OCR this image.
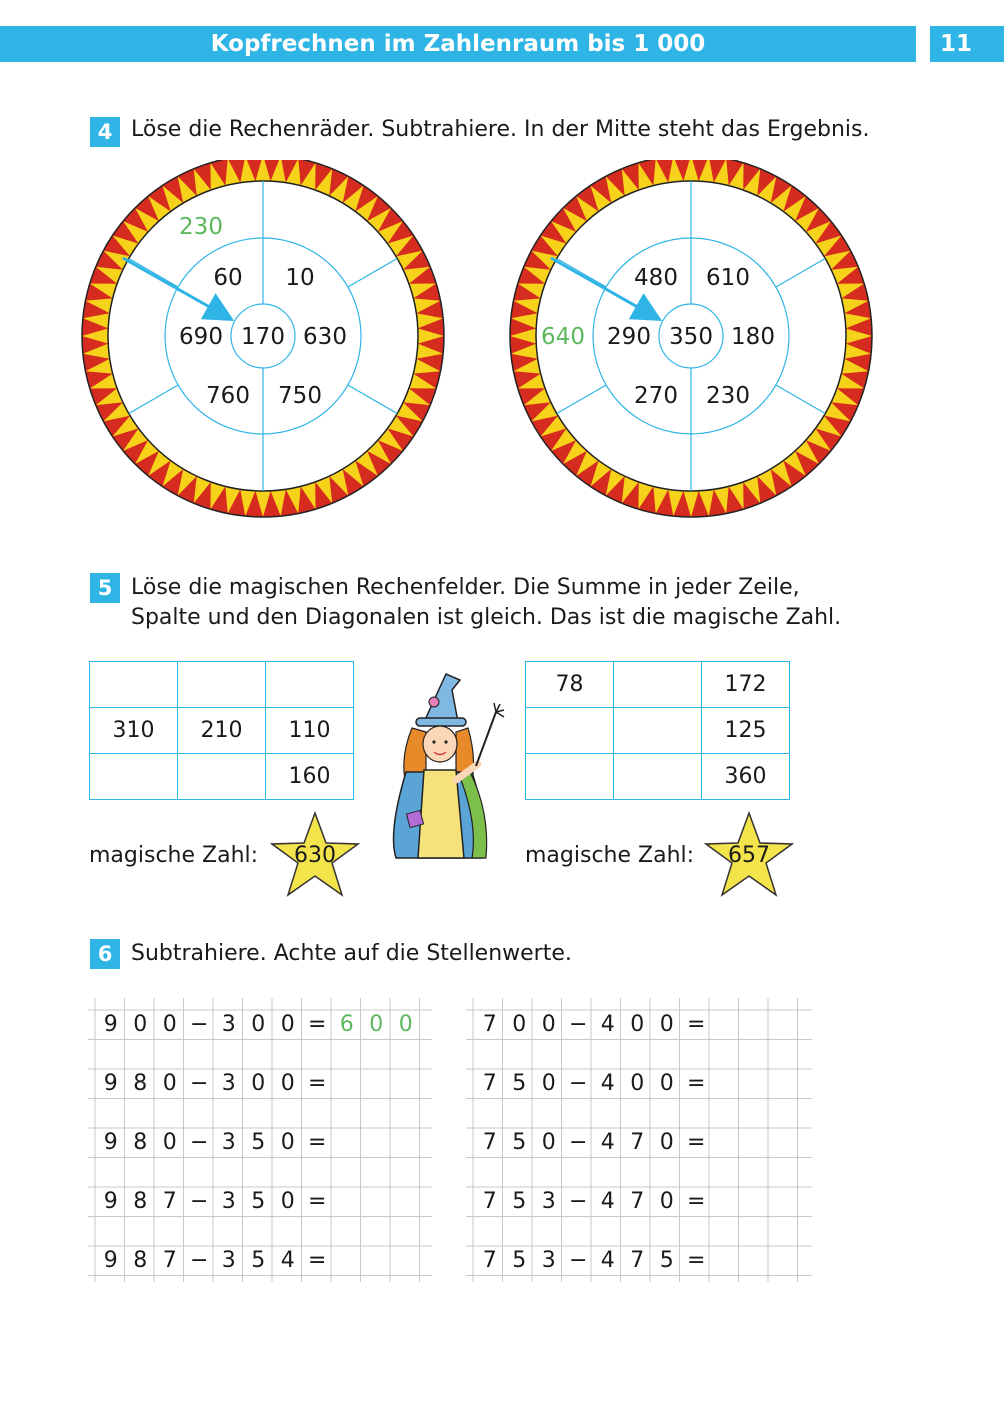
Kopfrechnen im Zahlenraum bis 1 000	11
4 Löse die Rechenräder. Subtrahiere. In der Mitte steht das Ergebnis.
170
60 10
630
750
760
690
230
350
480 610
180
230
270
290
640
5 Löse die magischen Rechenfelder. Die Summe in jeder Zeile,
Spalte und den Diagonalen ist gleich. Das ist die magische Zahl.

310	210	110
		160
78		172
		125
		360
magische Zahl:	630	magische Zahl:	657
6 Subtrahiere. Achte auf die Stellenwerte.
9 0 0 − 3 0 0 = 6 0 0
9 8 0 − 3 0 0 =
9 8 0 − 3 5 0 =
9 8 7 − 3 5 0 =
9 8 7 − 3 5 4 =
7 0 0 − 4 0 0 =
7 5 0 − 4 0 0 =
7 5 0 − 4 7 0 =
7 5 3 − 4 7 0 =
7 5 3 − 4 7 5 =
